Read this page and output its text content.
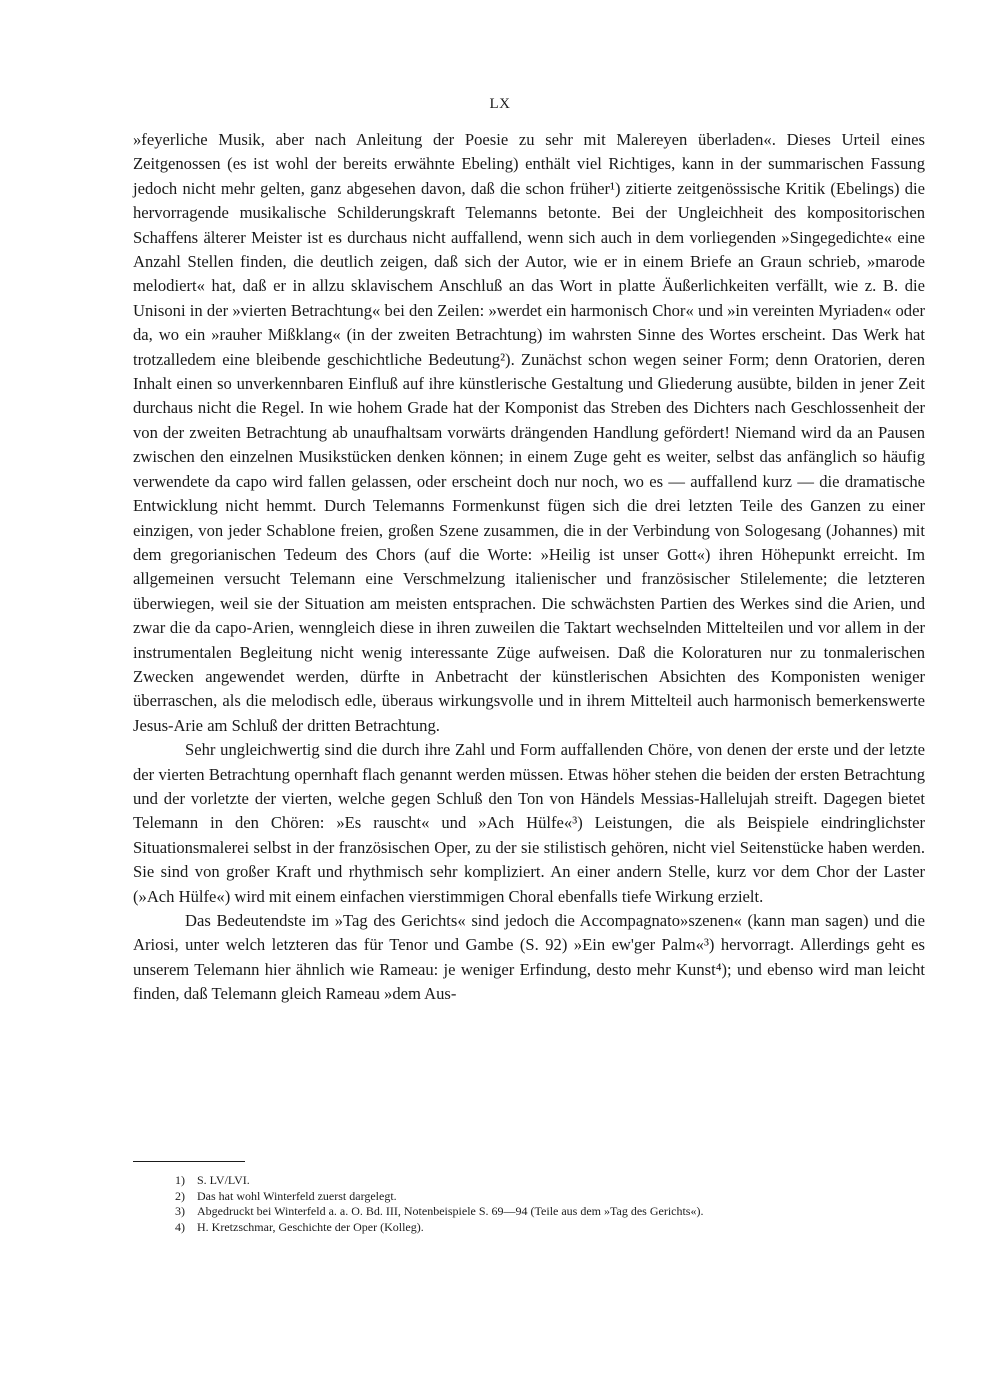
LX

»feyerliche Musik, aber nach Anleitung der Poesie zu sehr mit Malereyen überladen«. Dieses Urteil eines Zeitgenossen (es ist wohl der bereits erwähnte Ebeling) enthält viel Richtiges, kann in der summarischen Fassung jedoch nicht mehr gelten, ganz abgesehen davon, daß die schon früher¹) zitierte zeitgenössische Kritik (Ebelings) die hervorragende musikalische Schilderungskraft Telemanns betonte. Bei der Ungleichheit des kompositorischen Schaffens älterer Meister ist es durchaus nicht auffallend, wenn sich auch in dem vorliegenden »Singegedichte« eine Anzahl Stellen finden, die deutlich zeigen, daß sich der Autor, wie er in einem Briefe an Graun schrieb, »marode melodiert« hat, daß er in allzu sklavischem Anschluß an das Wort in platte Äußerlichkeiten verfällt, wie z. B. die Unisoni in der »vierten Betrachtung« bei den Zeilen: »werdet ein harmonisch Chor« und »in vereinten Myriaden« oder da, wo ein »rauher Mißklang« (in der zweiten Betrachtung) im wahrsten Sinne des Wortes erscheint. Das Werk hat trotzalledem eine bleibende geschichtliche Bedeutung²). Zunächst schon wegen seiner Form; denn Oratorien, deren Inhalt einen so unverkennbaren Einfluß auf ihre künstlerische Gestaltung und Gliederung ausübte, bilden in jener Zeit durchaus nicht die Regel. In wie hohem Grade hat der Komponist das Streben des Dichters nach Geschlossenheit der von der zweiten Betrachtung ab unaufhaltsam vorwärts drängenden Handlung gefördert! Niemand wird da an Pausen zwischen den einzelnen Musikstücken denken können; in einem Zuge geht es weiter, selbst das anfänglich so häufig verwendete da capo wird fallen gelassen, oder erscheint doch nur noch, wo es — auffallend kurz — die dramatische Entwicklung nicht hemmt. Durch Telemanns Formenkunst fügen sich die drei letzten Teile des Ganzen zu einer einzigen, von jeder Schablone freien, großen Szene zusammen, die in der Verbindung von Sologesang (Johannes) mit dem gregorianischen Tedeum des Chors (auf die Worte: »Heilig ist unser Gott«) ihren Höhepunkt erreicht. Im allgemeinen versucht Telemann eine Verschmelzung italienischer und französischer Stilelemente; die letzteren überwiegen, weil sie der Situation am meisten entsprachen. Die schwächsten Partien des Werkes sind die Arien, und zwar die da capo-Arien, wenngleich diese in ihren zuweilen die Taktart wechselnden Mittelteilen und vor allem in der instrumentalen Begleitung nicht wenig interessante Züge aufweisen. Daß die Koloraturen nur zu tonmalerischen Zwecken angewendet werden, dürfte in Anbetracht der künstlerischen Absichten des Komponisten weniger überraschen, als die melodisch edle, überaus wirkungsvolle und in ihrem Mittelteil auch harmonisch bemerkenswerte Jesus-Arie am Schluß der dritten Betrachtung.

Sehr ungleichwertig sind die durch ihre Zahl und Form auffallenden Chöre, von denen der erste und der letzte der vierten Betrachtung opernhaft flach genannt werden müssen. Etwas höher stehen die beiden der ersten Betrachtung und der vorletzte der vierten, welche gegen Schluß den Ton von Händels Messias-Hallelujah streift. Dagegen bietet Telemann in den Chören: »Es rauscht« und »Ach Hülfe«³) Leistungen, die als Beispiele eindringlichster Situationsmalerei selbst in der französischen Oper, zu der sie stilistisch gehören, nicht viel Seitenstücke haben werden. Sie sind von großer Kraft und rhythmisch sehr kompliziert. An einer andern Stelle, kurz vor dem Chor der Laster (»Ach Hülfe«) wird mit einem einfachen vierstimmigen Choral ebenfalls tiefe Wirkung erzielt.

Das Bedeutendste im »Tag des Gerichts« sind jedoch die Accompagnato»szenen« (kann man sagen) und die Ariosi, unter welch letzteren das für Tenor und Gambe (S. 92) »Ein ew'ger Palm«³) hervorragt. Allerdings geht es unserem Telemann hier ähnlich wie Rameau: je weniger Erfindung, desto mehr Kunst⁴); und ebenso wird man leicht finden, daß Telemann gleich Rameau »dem Aus-

1) S. LV/LVI.
2) Das hat wohl Winterfeld zuerst dargelegt.
3) Abgedruckt bei Winterfeld a. a. O. Bd. III, Notenbeispiele S. 69—94 (Teile aus dem »Tag des Gerichts«).
4) H. Kretzschmar, Geschichte der Oper (Kolleg).
